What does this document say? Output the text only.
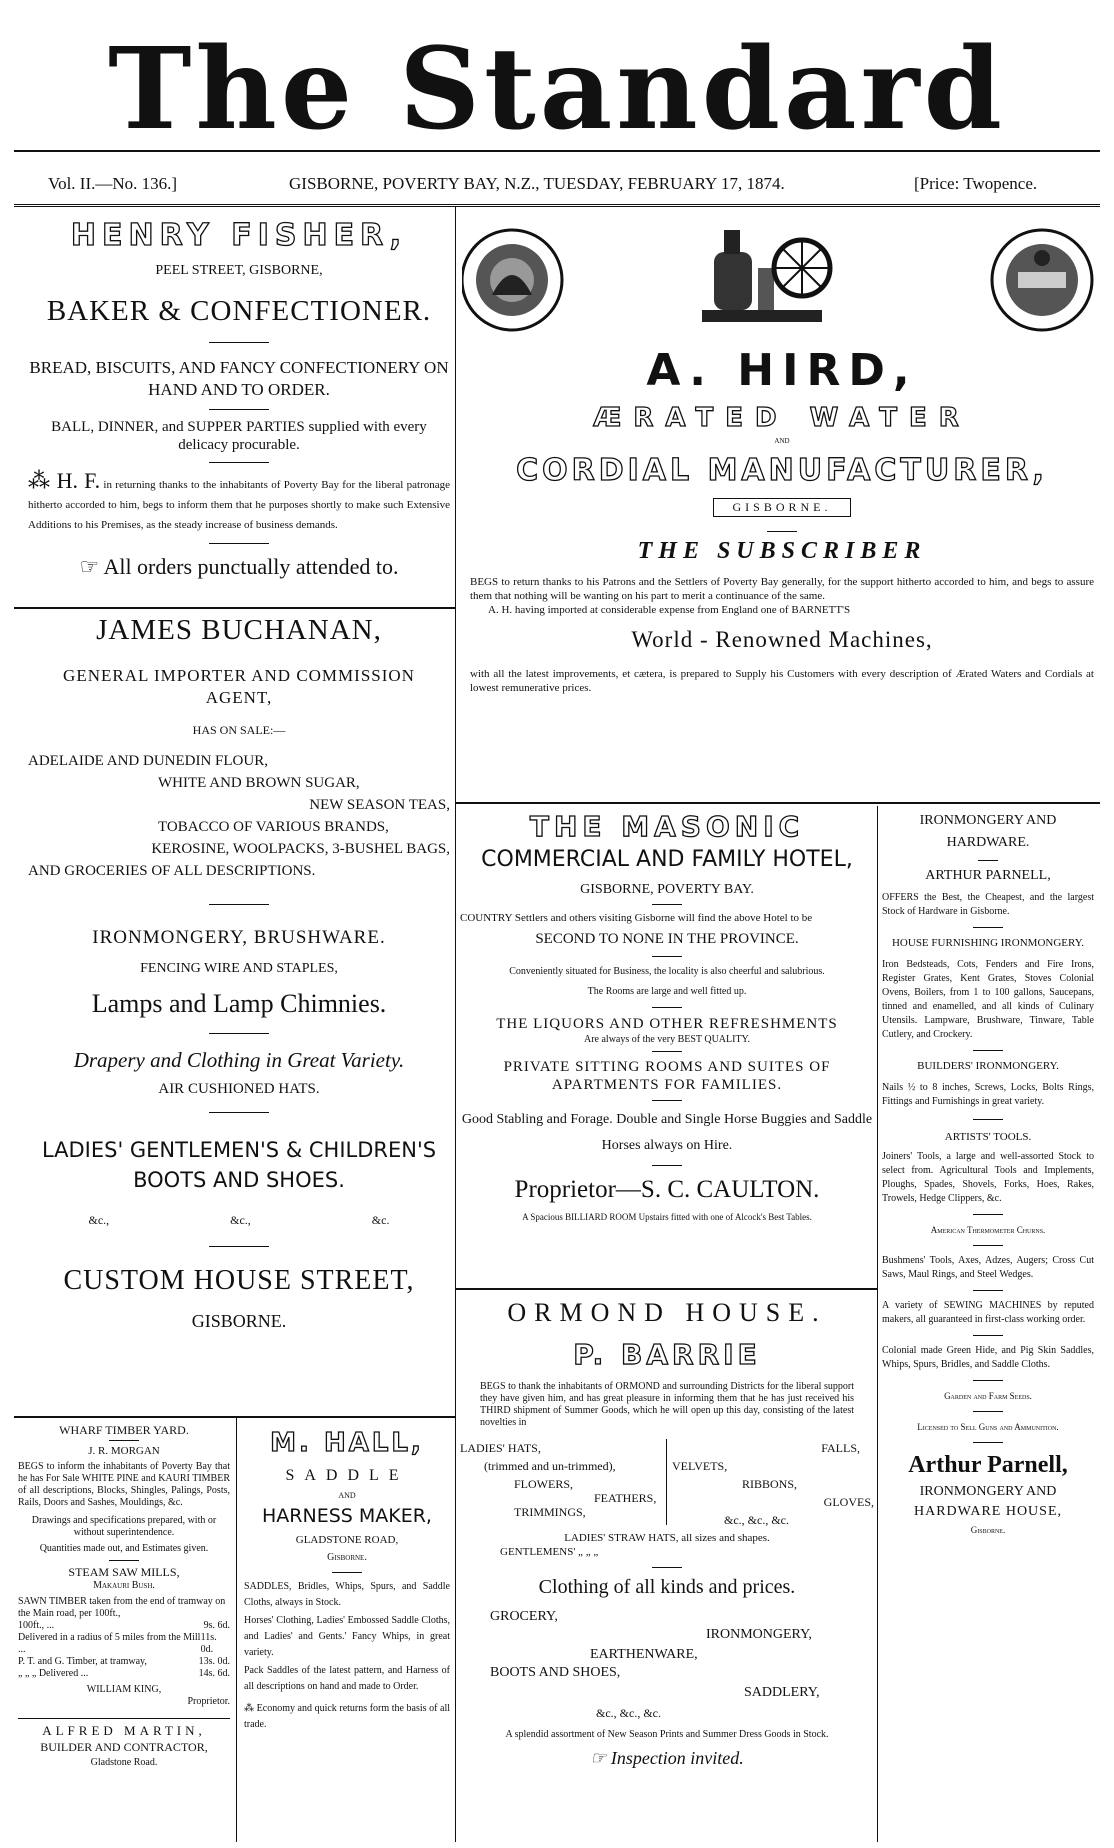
The Standard
Vol. II.—No. 136.]	GISBORNE, POVERTY BAY, N.Z., TUESDAY, FEBRUARY 17, 1874.	[Price: Twopence.
HENRY FISHER,
PEEL STREET, GISBORNE,
BAKER & CONFECTIONER.
BREAD, BISCUITS, AND FANCY CONFECTIONERY ON HAND AND TO ORDER.
BALL, DINNER, and SUPPER PARTIES supplied with every delicacy procurable.
⁂ H. F. in returning thanks to the inhabitants of Poverty Bay for the liberal patronage hitherto accorded to him, begs to inform them that he purposes shortly to make such Extensive Additions to his Premises, as the steady increase of business demands.
☞ All orders punctually attended to.
JAMES BUCHANAN,
GENERAL IMPORTER AND COMMISSION AGENT,
HAS ON SALE:—
ADELAIDE AND DUNEDIN FLOUR,
WHITE AND BROWN SUGAR,
NEW SEASON TEAS,
TOBACCO OF VARIOUS BRANDS,
KEROSINE, WOOLPACKS, 3-BUSHEL BAGS,
AND GROCERIES OF ALL DESCRIPTIONS.
IRONMONGERY, BRUSHWARE.
FENCING WIRE AND STAPLES,
Lamps and Lamp Chimnies.
Drapery and Clothing in Great Variety.
AIR CUSHIONED HATS.
LADIES' GENTLEMEN'S & CHILDREN'S BOOTS AND SHOES.
&c.,	&c.,	&c.
CUSTOM HOUSE STREET,
GISBORNE.
WHARF TIMBER YARD.
J. R. MORGAN
BEGS to inform the inhabitants of Poverty Bay that he has For Sale WHITE PINE and KAURI TIMBER of all descriptions, Blocks, Shingles, Palings, Posts, Rails, Doors and Sashes, Mouldings, &c.
Drawings and specifications prepared, with or without superintendence.
Quantities made out, and Estimates given.
STEAM SAW MILLS,
Makauri Bush.
SAWN TIMBER taken from the end of tramway on the Main road, per 100ft.,
100ft., ...	9s. 6d.
Delivered in a radius of 5 miles from the Mill ...
11s. 0d.
P. T. and G. Timber, at tramway,	13s. 0d.
„ „ „ Delivered ...	14s. 6d.
WILLIAM KING,
Proprietor.
ALFRED MARTIN,
BUILDER AND CONTRACTOR,
Gladstone Road.
M. HALL,
SADDLE
AND
HARNESS MAKER,
GLADSTONE ROAD,
Gisborne.
SADDLES, Bridles, Whips, Spurs, and Saddle Cloths, always in Stock.
Horses' Clothing, Ladies' Embossed Saddle Cloths, and Ladies' and Gents.' Fancy Whips, in great variety.
Pack Saddles of the latest pattern, and Harness of all descriptions on hand and made to Order.
⁂ Economy and quick returns form the basis of all trade.
A. HIRD,
ÆRATED WATER
AND
CORDIAL MANUFACTURER,
GISBORNE.
THE SUBSCRIBER
BEGS to return thanks to his Patrons and the Settlers of Poverty Bay generally, for the support hitherto accorded to him, and begs to assure them that nothing will be wanting on his part to merit a continuance of the same.
A. H. having imported at considerable expense from England one of BARNETT'S
World - Renowned Machines,
with all the latest improvements, et cætera, is prepared to Supply his Customers with every description of Ærated Waters and Cordials at lowest remunerative prices.
THE MASONIC
COMMERCIAL AND FAMILY HOTEL,
GISBORNE, POVERTY BAY.
COUNTRY Settlers and others visiting Gisborne will find the above Hotel to be
SECOND TO NONE IN THE PROVINCE.
Conveniently situated for Business, the locality is also cheerful and salubrious.
The Rooms are large and well fitted up.
THE LIQUORS AND OTHER REFRESHMENTS
Are always of the very BEST QUALITY.
PRIVATE SITTING ROOMS AND SUITES OF APARTMENTS FOR FAMILIES.
Good Stabling and Forage. Double and Single Horse Buggies and Saddle Horses always on Hire.
Proprietor—S. C. CAULTON.
A Spacious BILLIARD ROOM Upstairs fitted with one of Alcock's Best Tables.
ORMOND HOUSE.
P. BARRIE
BEGS to thank the inhabitants of ORMOND and surrounding Districts for the liberal support they have given him, and has great pleasure in informing them that he has just received his THIRD shipment of Summer Goods, which he will open up this day, consisting of the latest novelties in
LADIES' HATS,
(trimmed and un-trimmed),
FLOWERS,
FEATHERS,
TRIMMINGS,
FALLS,
VELVETS,
RIBBONS,
GLOVES,
&c., &c., &c.
LADIES' STRAW HATS, all sizes and shapes.
GENTLEMENS' „ „ „
Clothing of all kinds and prices.
GROCERY,
IRONMONGERY,
EARTHENWARE,
BOOTS AND SHOES,
SADDLERY,
&c., &c., &c.
A splendid assortment of New Season Prints and Summer Dress Goods in Stock.
☞ Inspection invited.
IRONMONGERY AND HARDWARE.
ARTHUR PARNELL,
OFFERS the Best, the Cheapest, and the largest Stock of Hardware in Gisborne.
HOUSE FURNISHING IRONMONGERY.
Iron Bedsteads, Cots, Fenders and Fire Irons, Register Grates, Kent Grates, Stoves Colonial Ovens, Boilers, from 1 to 100 gallons, Saucepans, tinned and enamelled, and all kinds of Culinary Utensils. Lampware, Brushware, Tinware, Table Cutlery, and Crockery.
BUILDERS' IRONMONGERY.
Nails ½ to 8 inches, Screws, Locks, Bolts Rings, Fittings and Furnishings in great variety.
ARTISTS' TOOLS.
Joiners' Tools, a large and well-assorted Stock to select from. Agricultural Tools and Implements, Ploughs, Spades, Shovels, Forks, Hoes, Rakes, Trowels, Hedge Clippers, &c.
American Thermometer Churns.
Bushmens' Tools, Axes, Adzes, Augers; Cross Cut Saws, Maul Rings, and Steel Wedges.
A variety of SEWING MACHINES by reputed makers, all guaranteed in first-class working order.
Colonial made Green Hide, and Pig Skin Saddles, Whips, Spurs, Bridles, and Saddle Cloths.
Garden and Farm Seeds.
Licensed to Sell Guns and Ammunition.
Arthur Parnell,
IRONMONGERY AND
HARDWARE HOUSE,
Gisborne.
